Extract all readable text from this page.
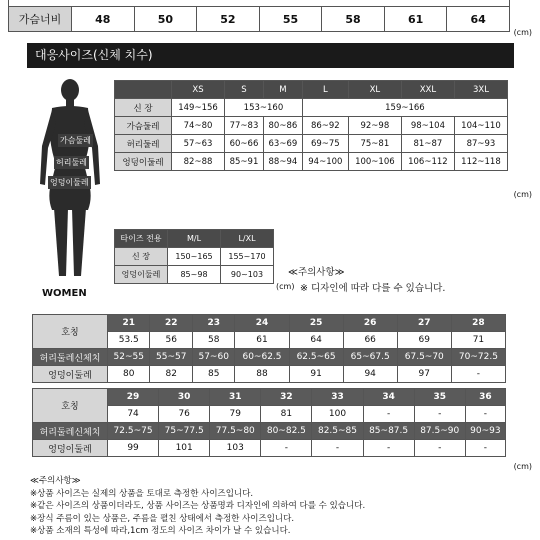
가슴너비	48	50	52	55	58	61	64
(cm)
대응사이즈(신체 치수)
가슴둘레
허리둘레
엉덩이둘레
WOMEN
	XS	S	M	L	XL	XXL	3XL
신 장	149~156	153~160		159~166			
가슴둘레	74~80	77~83	80~86	86~92	92~98	98~104	104~110
허리둘레	57~63	60~66	63~69	69~75	75~81	81~87	87~93
엉덩이둘레	82~88	85~91	88~94	94~100	100~106	106~112	112~118
(cm)
타이즈 전용	M/L	L/XL
신 장	150~165	155~170
엉덩이둘레	85~98	90~103
(cm)
≪주의사항≫
※ 디자인에 따라 다를 수 있습니다.
호칭	21	22	23	24	25	26	27	28
	53.5	56	58	61	64	66	69	71
허리둘레신체치	52~55	55~57	57~60	60~62.5	62.5~65	65~67.5	67.5~70	70~72.5
엉덩이둘레	80	82	85	88	91	94	97	-
호칭	29	30	31	32	33	34	35	36
	74	76	79	81	100	-	-	-
허리둘레신체치	72.5~75	75~77.5	77.5~80	80~82.5	82.5~85	85~87.5	87.5~90	90~93
엉덩이둘레	99	101	103	-	-	-	-	-
(cm)
≪주의사항≫
※상품 사이즈는 실제의 상품을 토대로 측정한 사이즈입니다.
※같은 사이즈의 상품이더라도, 상품 사이즈는 상품명과 디자인에 의하여 다를 수 있습니다.
※장식 주름이 있는 상품은, 주름을 펼친 상태에서 측정한 사이즈입니다.
※상품 소재의 특성에 따라,1cm 정도의 사이즈 차이가 날 수 있습니다.
